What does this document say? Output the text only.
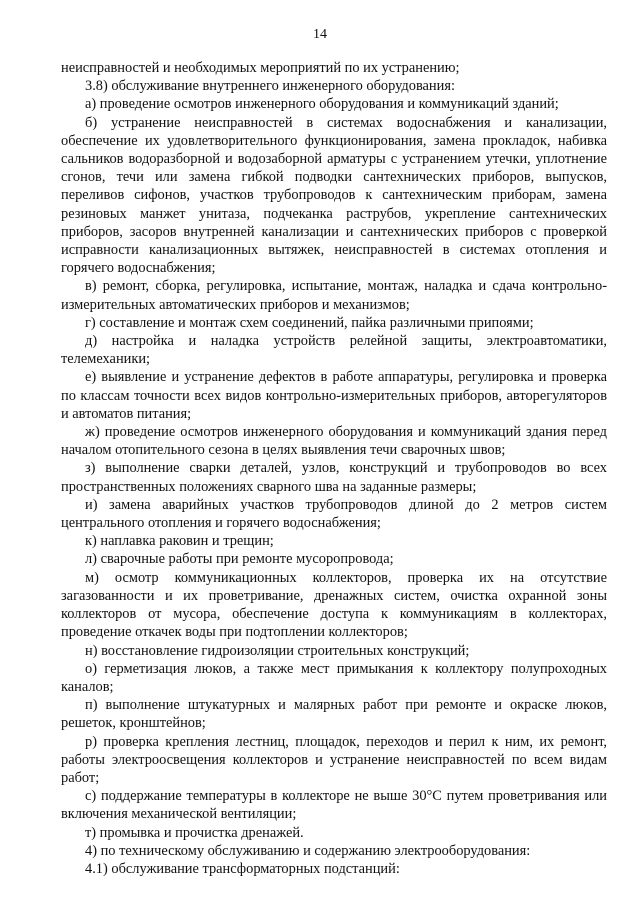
14

неисправностей и необходимых мероприятий по их устранению;

3.8) обслуживание внутреннего инженерного оборудования:

а) проведение осмотров инженерного оборудования и коммуникаций зданий;

б) устранение неисправностей в системах водоснабжения и канализации, обеспечение их удовлетворительного функционирования, замена прокладок, набивка сальников водоразборной и водозаборной арматуры с устранением утечки, уплотнение сгонов, течи или замена гибкой подводки сантехнических приборов, выпусков, переливов сифонов, участков трубопроводов к сантехническим приборам, замена резиновых манжет унитаза, подчеканка раструбов, укрепление сантехнических приборов, засоров внутренней канализации и сантехнических приборов с проверкой исправности канализационных вытяжек, неисправностей в системах отопления и горячего водоснабжения;

в) ремонт, сборка, регулировка, испытание, монтаж, наладка и сдача контрольно-измерительных автоматических приборов и механизмов;

г) составление и монтаж схем соединений, пайка различными припоями;

д) настройка и наладка устройств релейной защиты, электроавтоматики, телемеханики;

е) выявление и устранение дефектов в работе аппаратуры, регулировка и проверка по классам точности всех видов контрольно-измерительных приборов, авторегуляторов и автоматов питания;

ж) проведение осмотров инженерного оборудования и коммуникаций здания перед началом отопительного сезона в целях выявления течи сварочных швов;

з) выполнение сварки деталей, узлов, конструкций и трубопроводов во всех пространственных положениях сварного шва на заданные размеры;

и) замена аварийных участков трубопроводов длиной до 2 метров систем центрального отопления и горячего водоснабжения;

к) наплавка раковин и трещин;

л) сварочные работы при ремонте мусоропровода;

м) осмотр коммуникационных коллекторов, проверка их на отсутствие загазованности и их проветривание, дренажных систем, очистка охранной зоны коллекторов от мусора, обеспечение доступа к коммуникациям в коллекторах, проведение откачек воды при подтоплении коллекторов;

н) восстановление гидроизоляции строительных конструкций;

о) герметизация люков, а также мест примыкания к коллектору полупроходных каналов;

п) выполнение штукатурных и малярных работ при ремонте и окраске люков, решеток, кронштейнов;

р) проверка крепления лестниц, площадок, переходов и перил к ним, их ремонт, работы электроосвещения коллекторов и устранение неисправностей по всем видам работ;

с) поддержание температуры в коллекторе не выше 30°С путем проветривания или включения механической вентиляции;

т) промывка и прочистка дренажей.

4) по техническому обслуживанию и содержанию электрооборудования:

4.1) обслуживание трансформаторных подстанций:
